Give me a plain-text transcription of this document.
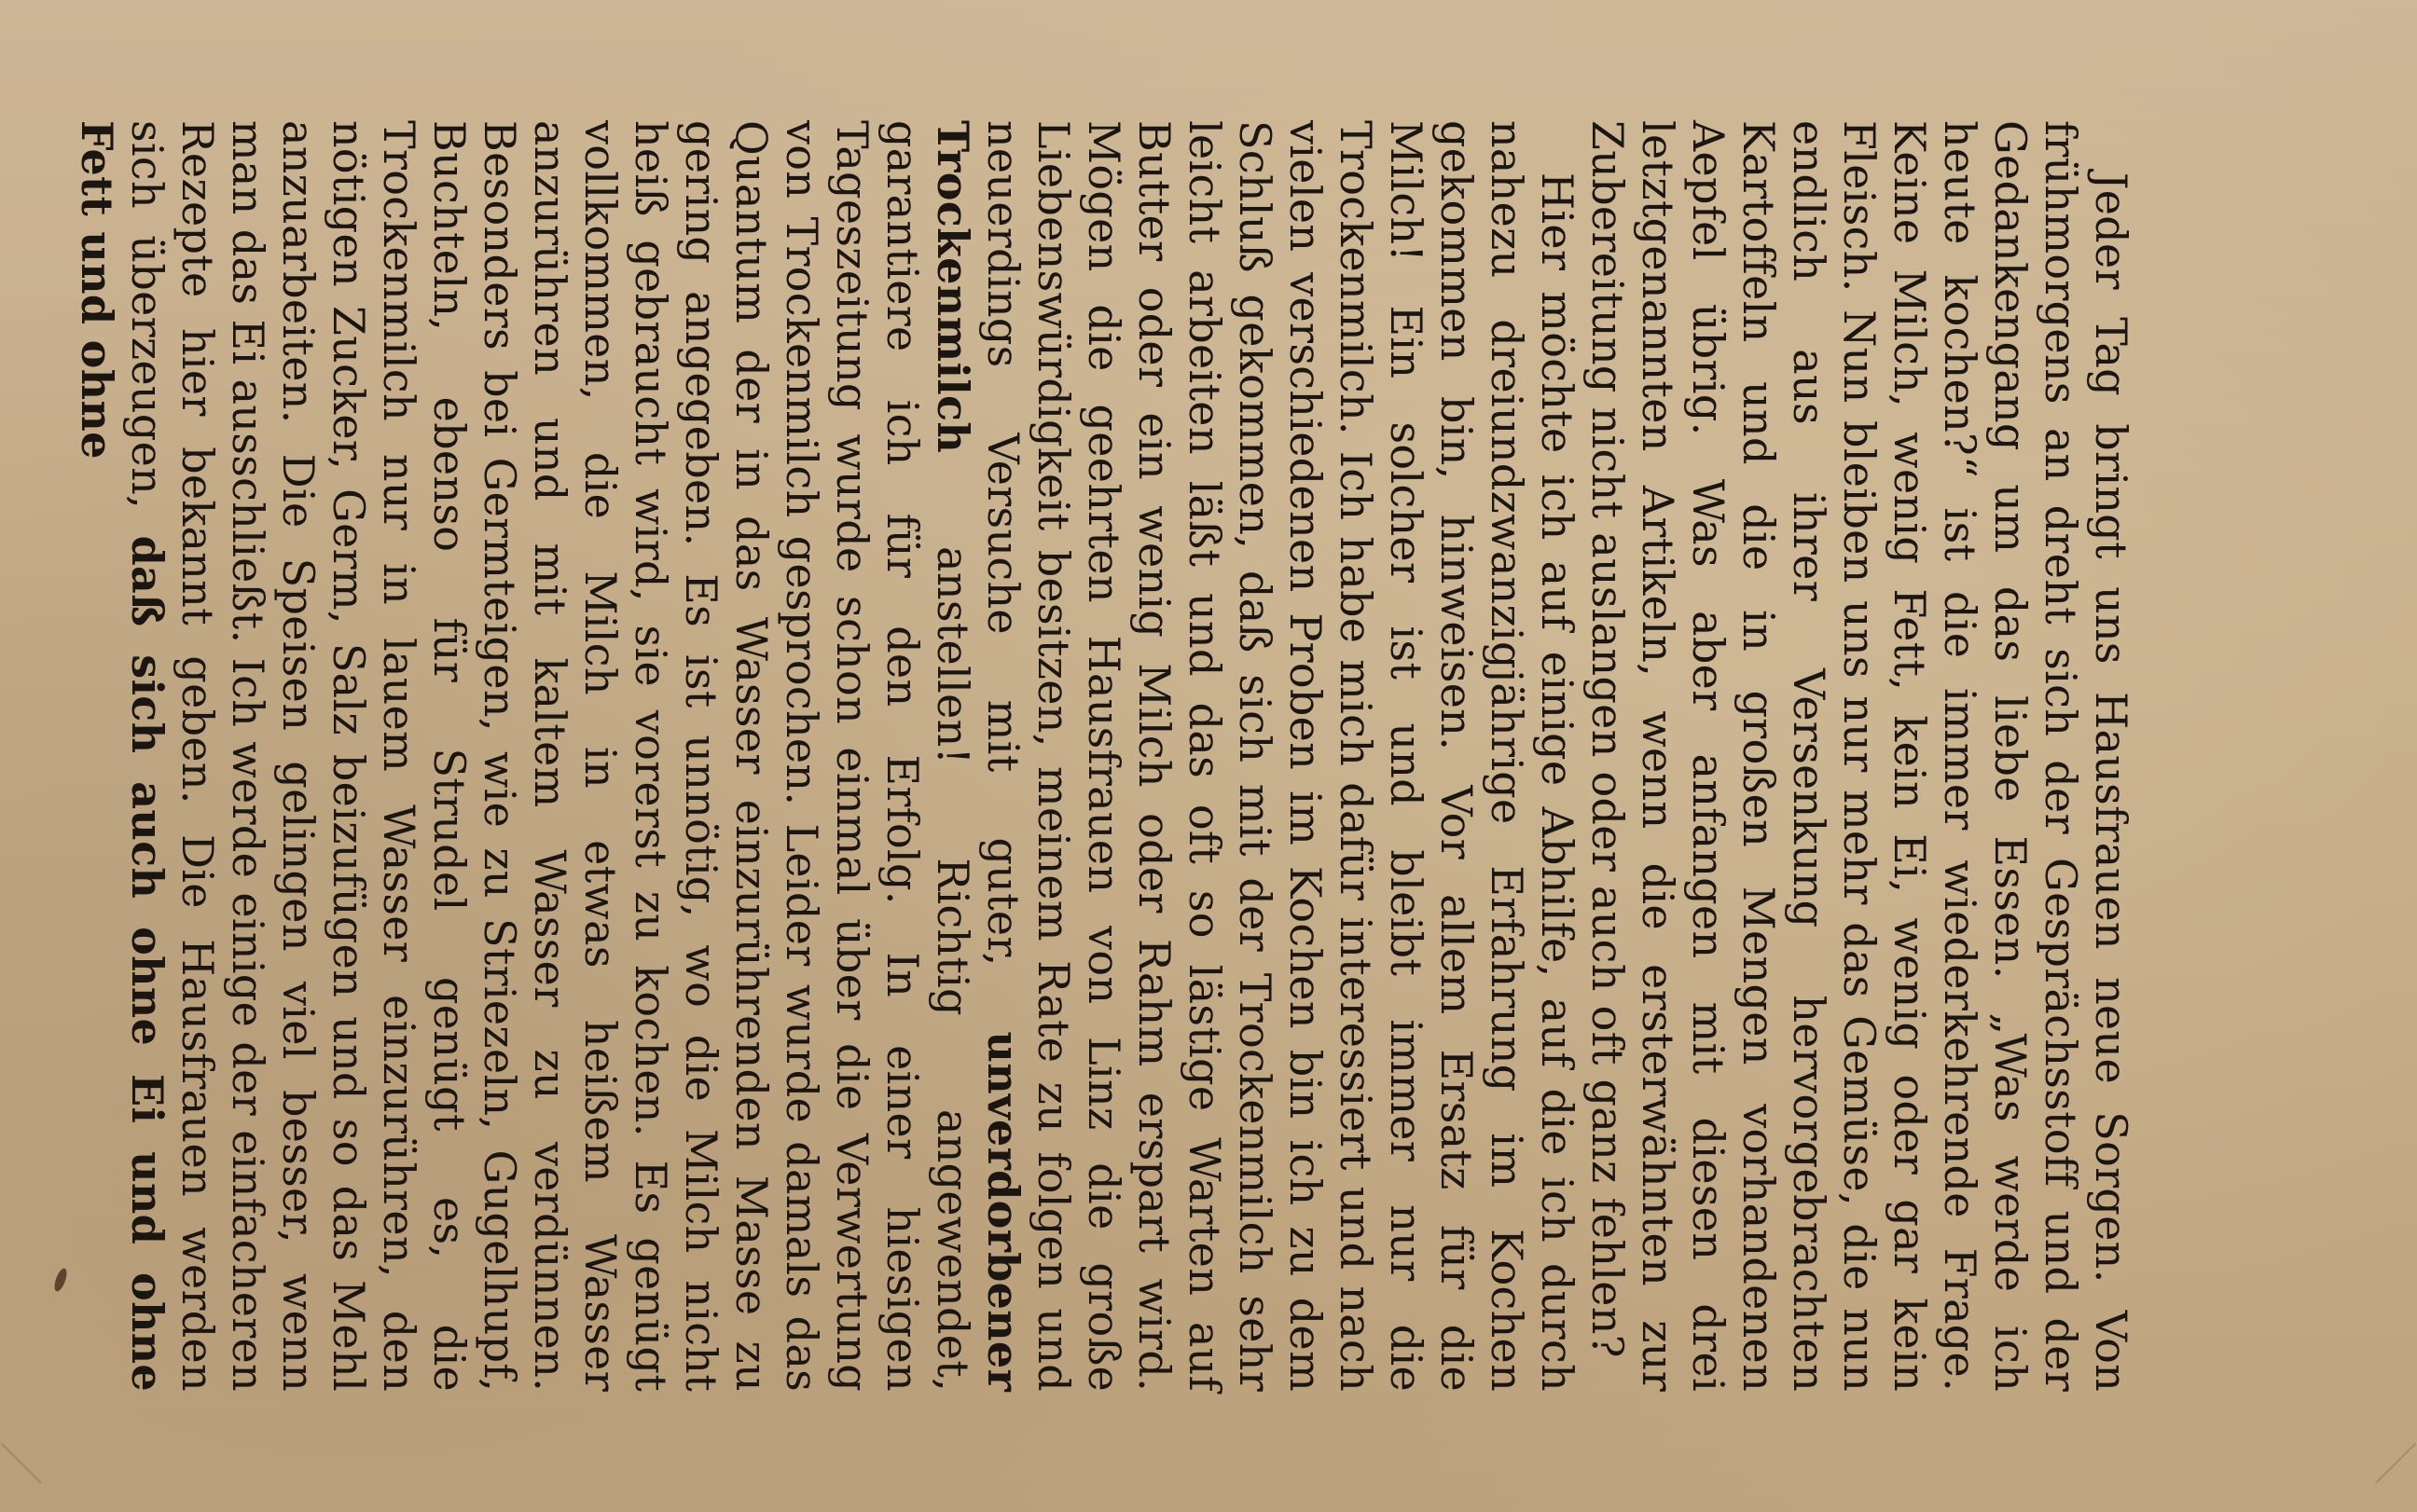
Jeder Tag bringt uns Hausfrauen neue Sorgen. Von frühmorgens an dreht sich der Gesprächsstoff und der Gedankengang um das liebe Essen. „Was werde ich heute kochen?“ ist die immer wiederkehrende Frage. Keine Milch, wenig Fett, kein Ei, wenig oder gar kein Fleisch. Nun bleiben uns nur mehr das Gemüse, die nun endlich aus ihrer Versenkung hervorgebrachten Kartoffeln und die in großen Mengen vorhandenen Aepfel übrig. Was aber anfangen mit diesen drei letztgenannten Artikeln, wenn die ersterwähnten zur Zubereitung nicht auslangen oder auch oft ganz fehlen?

Hier möchte ich auf einige Abhilfe, auf die ich durch nahezu dreiundzwanzigjährige Erfahrung im Kochen gekommen bin, hinweisen. Vor allem Ersatz für die Milch! Ein solcher ist und bleibt immer nur die Trockenmilch. Ich habe mich dafür interessiert und nach vielen verschiedenen Proben im Kochen bin ich zu dem Schluß gekommen, daß sich mit der Trockenmilch sehr leicht arbeiten läßt und das oft so lästige Warten auf Butter oder ein wenig Milch oder Rahm erspart wird. Mögen die geehrten Hausfrauen von Linz die große Liebenswürdigkeit besitzen, meinem Rate zu folgen und neuerdings Versuche mit guter, unverdorbener Trockenmilch anstellen! Richtig angewendet, garantiere ich für den Erfolg. In einer hiesigen Tageszeitung wurde schon einmal über die Verwertung von Trockenmilch gesprochen. Leider wurde damals das Quantum der in das Wasser einzurührenden Masse zu gering angegeben. Es ist unnötig, wo die Milch nicht heiß gebraucht wird, sie vorerst zu kochen. Es genügt vollkommen, die Milch in etwas heißem Wasser anzurühren und mit kaltem Wasser zu verdünnen. Besonders bei Germteigen, wie zu Striezeln, Gugelhupf, Buchteln, ebenso für Strudel genügt es, die Trockenmilch nur in lauem Wasser einzurühren, den nötigen Zucker, Germ, Salz beizufügen und so das Mehl anzuarbeiten. Die Speisen gelingen viel besser, wenn man das Ei ausschließt. Ich werde einige der einfacheren Rezepte hier bekannt geben. Die Hausfrauen werden sich überzeugen, daß sich auch ohne Ei und ohne Fett und ohne
